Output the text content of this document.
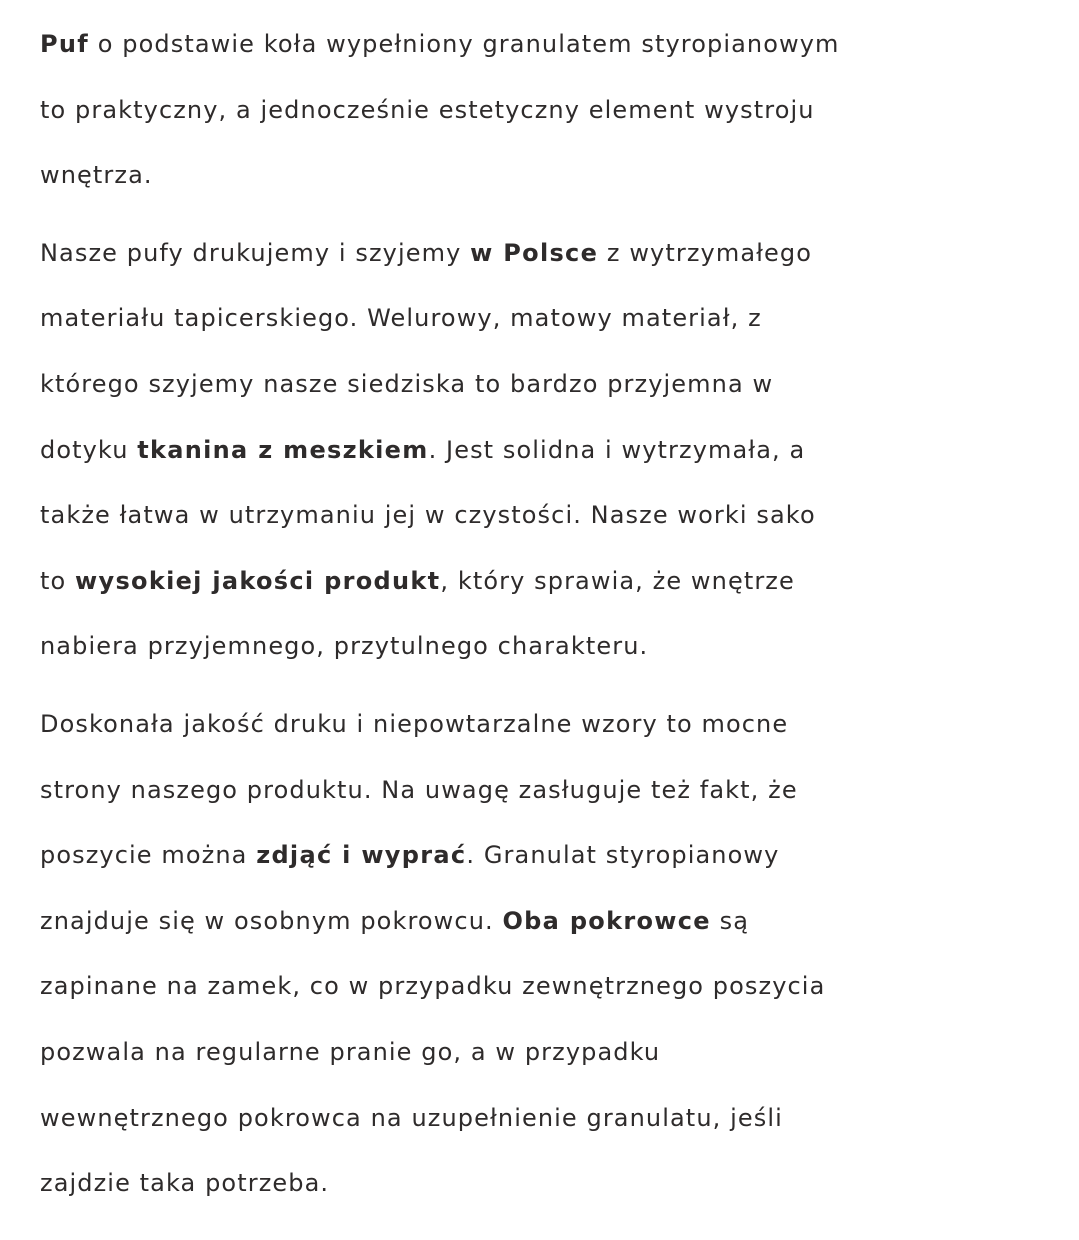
Puf o podstawie koła wypełniony granulatem styropianowym
to praktyczny, a jednocześnie estetyczny element wystroju
wnętrza.

Nasze pufy drukujemy i szyjemy w Polsce z wytrzymałego
materiału tapicerskiego. Welurowy, matowy materiał, z
którego szyjemy nasze siedziska to bardzo przyjemna w
dotyku tkanina z meszkiem. Jest solidna i wytrzymała, a
także łatwa w utrzymaniu jej w czystości. Nasze worki sako
to wysokiej jakości produkt, który sprawia, że wnętrze
nabiera przyjemnego, przytulnego charakteru.

Doskonała jakość druku i niepowtarzalne wzory to mocne
strony naszego produktu. Na uwagę zasługuje też fakt, że
poszycie można zdjąć i wyprać. Granulat styropianowy
znajduje się w osobnym pokrowcu. Oba pokrowce są
zapinane na zamek, co w przypadku zewnętrznego poszycia
pozwala na regularne pranie go, a w przypadku
wewnętrznego pokrowca na uzupełnienie granulatu, jeśli
zajdzie taka potrzeba.
